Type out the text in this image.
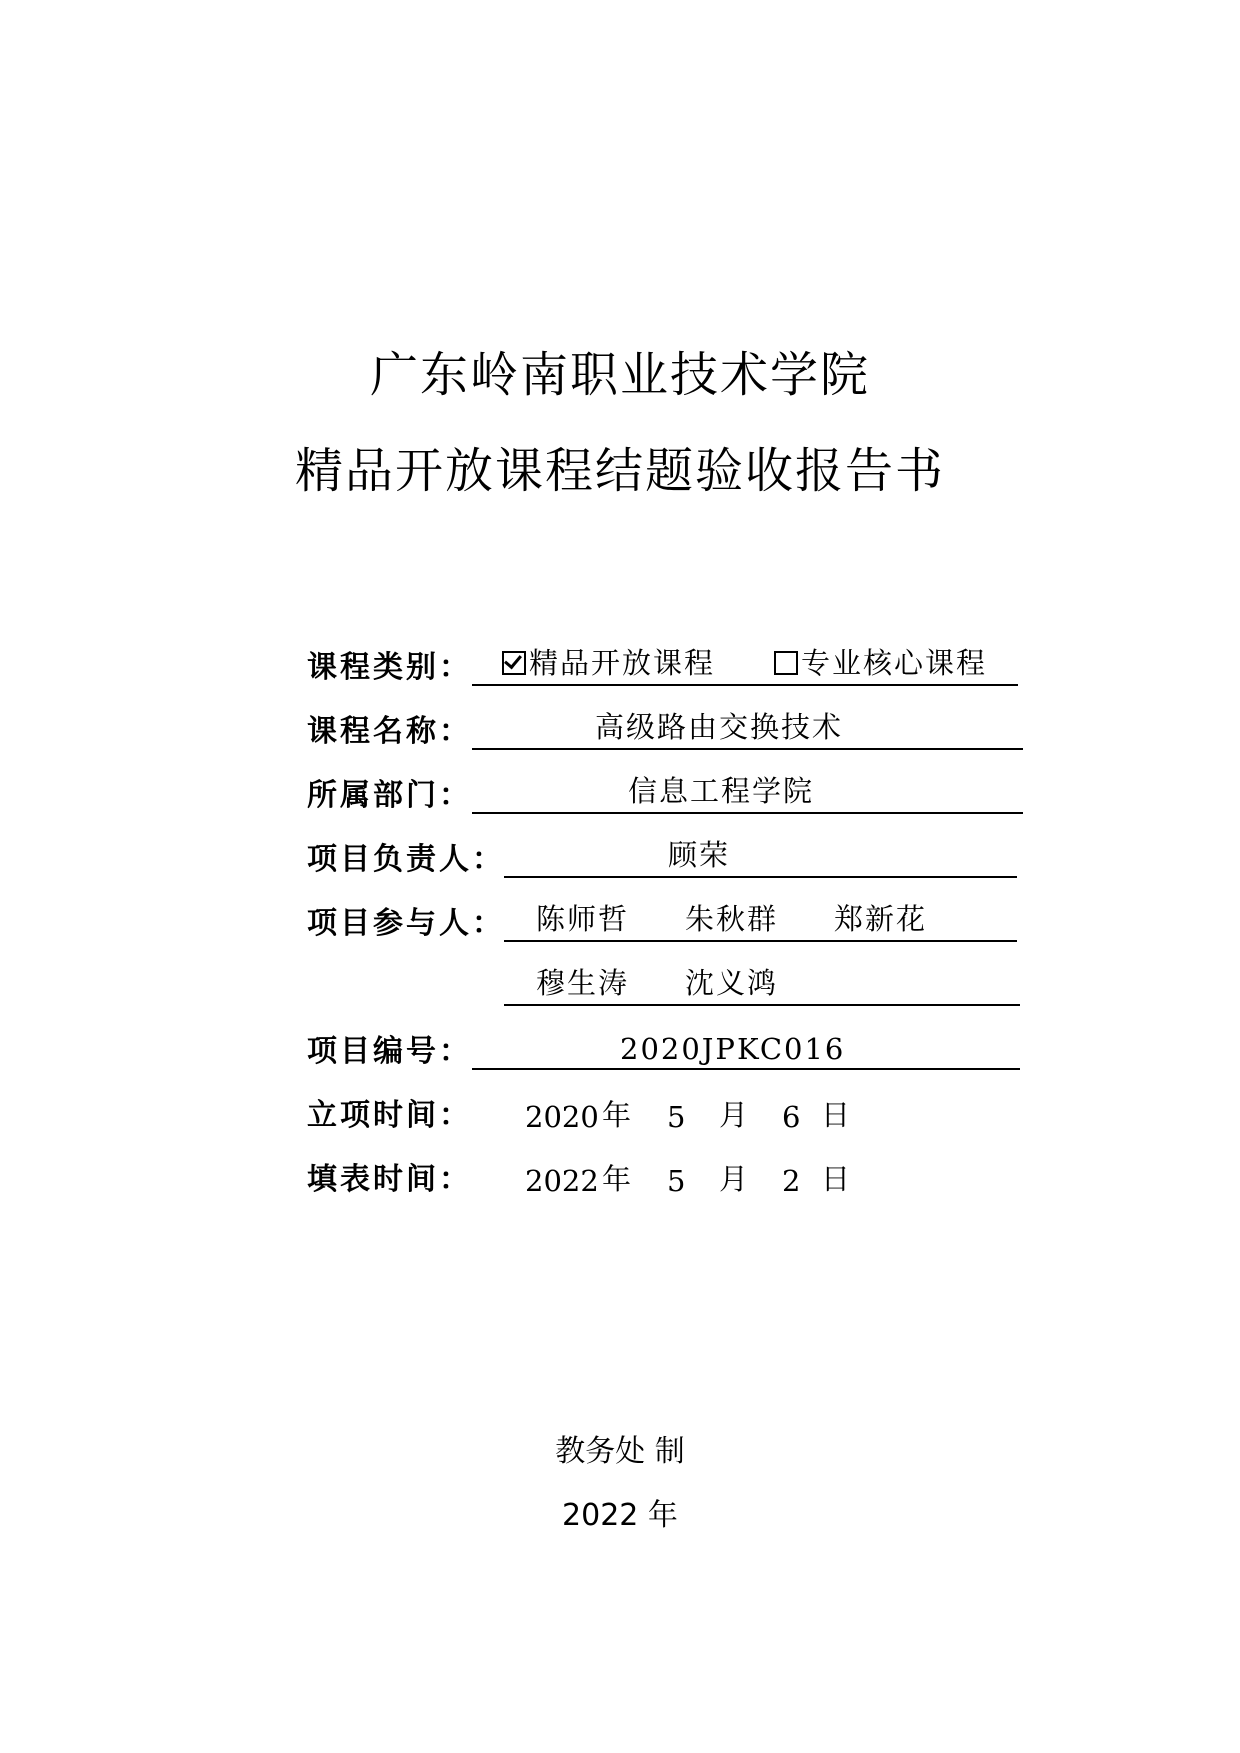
广东岭南职业技术学院
精品开放课程结题验收报告书
课程类别：	精品开放课程	专业核心课程
课程名称：	高级路由交换技术
所属部门：	信息工程学院
项目负责人：	顾荣
项目参与人： 陈师哲 朱秋群 郑新花
穆生涛 沈义鸿
项目编号：	2020JPKC016
立项时间： 2020 年 5 月 6 日
填表时间： 2022 年 5 月 2 日
教务处 制
2022 年
